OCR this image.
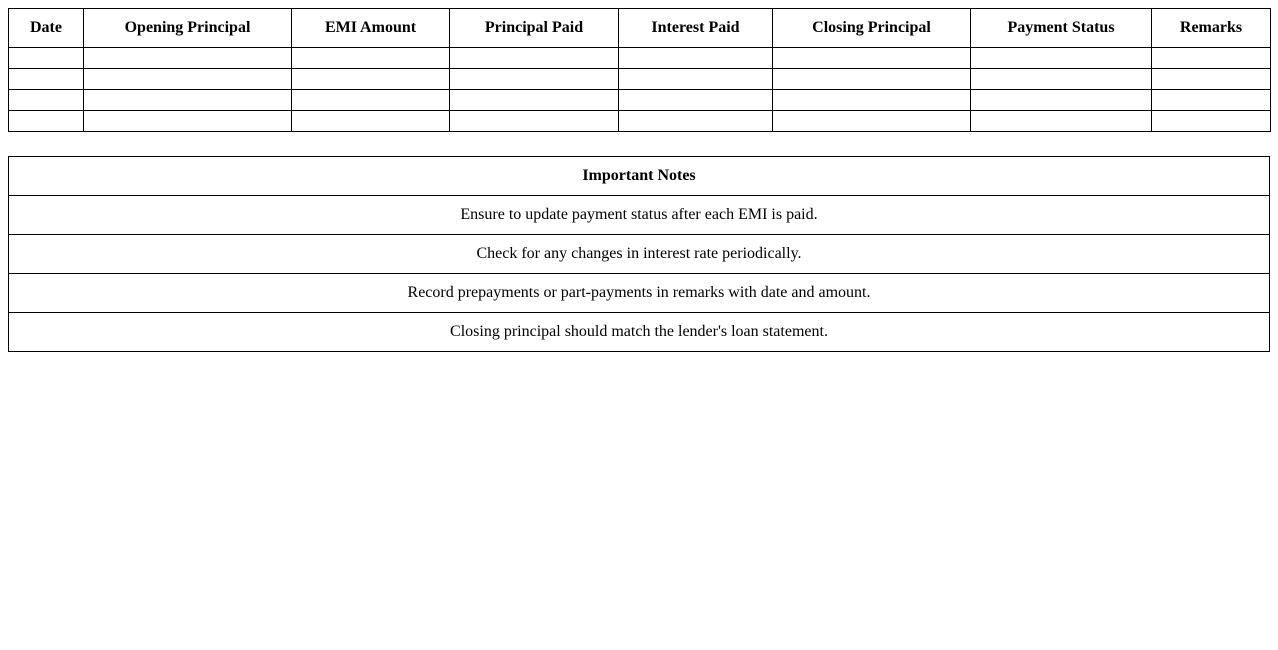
Date	Opening Principal	EMI Amount	Principal Paid	Interest Paid	Closing Principal	Payment Status	Remarks

Important Notes
Ensure to update payment status after each EMI is paid.
Check for any changes in interest rate periodically.
Record prepayments or part-payments in remarks with date and amount.
Closing principal should match the lender's loan statement.
